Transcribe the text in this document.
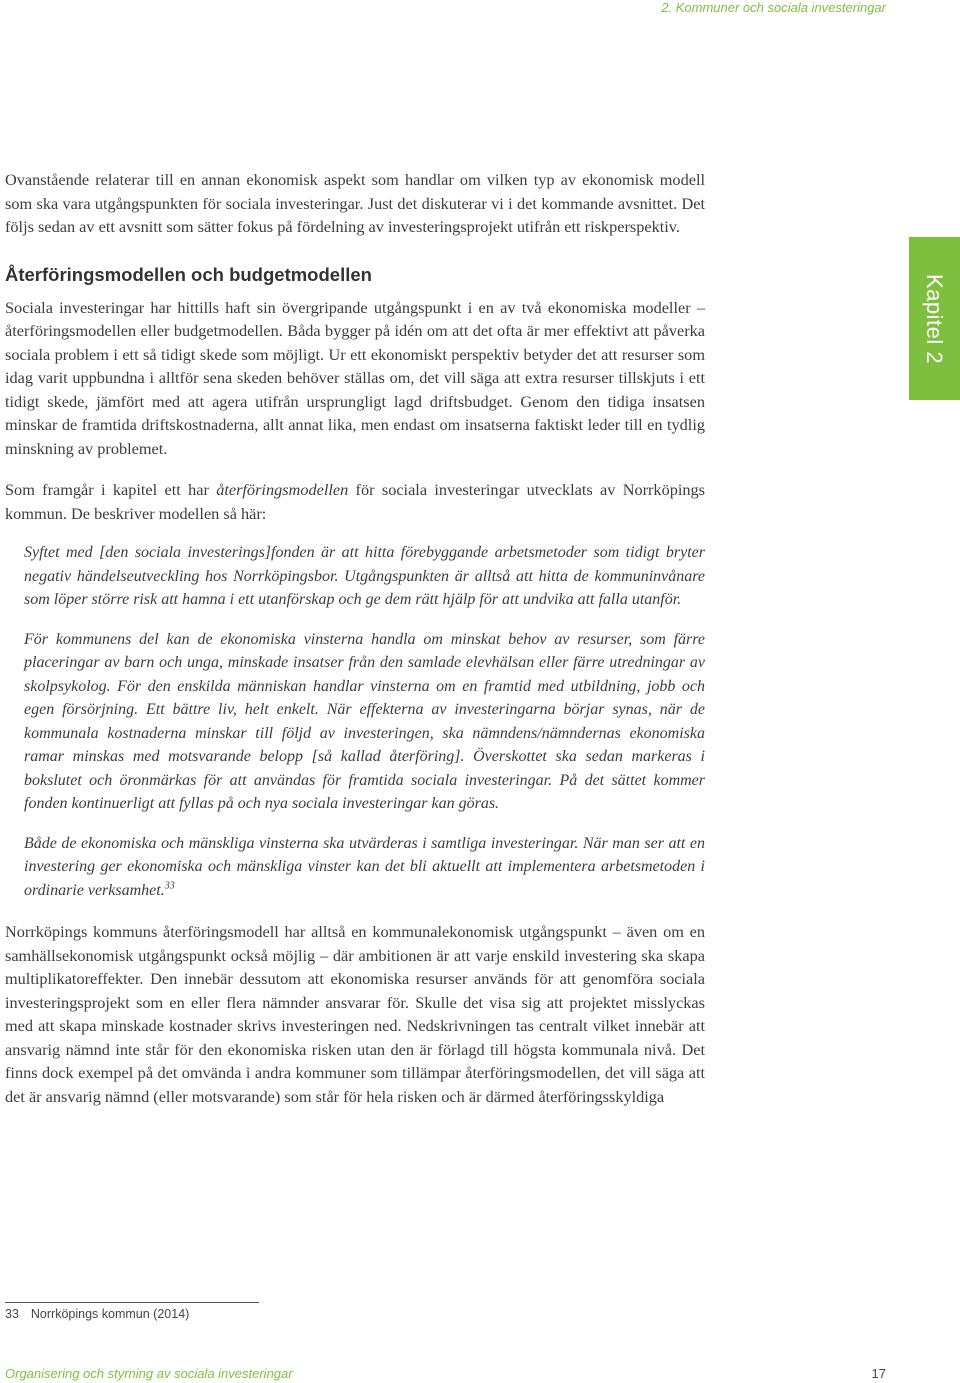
2. Kommuner och sociala investeringar
Kapitel 2

Ovanstående relaterar till en annan ekonomisk aspekt som handlar om vilken typ av ekonomisk modell som ska vara utgångspunkten för sociala investeringar. Just det diskuterar vi i det kommande avsnittet. Det följs sedan av ett avsnitt som sätter fokus på fördelning av investeringsprojekt utifrån ett riskperspektiv.

Återföringsmodellen och budgetmodellen

Sociala investeringar har hittills haft sin övergripande utgångspunkt i en av två ekonomiska modeller – återföringsmodellen eller budgetmodellen. Båda bygger på idén om att det ofta är mer effektivt att påverka sociala problem i ett så tidigt skede som möjligt. Ur ett ekonomiskt perspektiv betyder det att resurser som idag varit uppbundna i alltför sena skeden behöver ställas om, det vill säga att extra resurser tillskjuts i ett tidigt skede, jämfört med att agera utifrån ursprungligt lagd driftsbudget. Genom den tidiga insatsen minskar de framtida driftskostnaderna, allt annat lika, men endast om insatserna faktiskt leder till en tydlig minskning av problemet.

Som framgår i kapitel ett har återföringsmodellen för sociala investeringar utvecklats av Norrköpings kommun. De beskriver modellen så här:

Syftet med [den sociala investerings]fonden är att hitta förebyggande arbetsmetoder som tidigt bryter negativ händelseutveckling hos Norrköpingsbor. Utgångspunkten är alltså att hitta de kommuninvånare som löper större risk att hamna i ett utanförskap och ge dem rätt hjälp för att undvika att falla utanför.

För kommunens del kan de ekonomiska vinsterna handla om minskat behov av resurser, som färre placeringar av barn och unga, minskade insatser från den samlade elevhälsan eller färre utredningar av skolpsykolog. För den enskilda människan handlar vinsterna om en framtid med utbildning, jobb och egen försörjning. Ett bättre liv, helt enkelt. När effekterna av investeringarna börjar synas, när de kommunala kostnaderna minskar till följd av investeringen, ska nämndens/nämndernas ekonomiska ramar minskas med motsvarande belopp [så kallad återföring]. Överskottet ska sedan markeras i bokslutet och öronmärkas för att användas för framtida sociala investeringar. På det sättet kommer fonden kontinuerligt att fyllas på och nya sociala investeringar kan göras.

Både de ekonomiska och mänskliga vinsterna ska utvärderas i samtliga investeringar. När man ser att en investering ger ekonomiska och mänskliga vinster kan det bli aktuellt att implementera arbetsmetoden i ordinarie verksamhet.$^{33}$

Norrköpings kommuns återföringsmodell har alltså en kommunalekonomisk utgångspunkt – även om en samhällsekonomisk utgångspunkt också möjlig – där ambitionen är att varje enskild investering ska skapa multiplikatoreffekter. Den innebär dessutom att ekonomiska resurser används för att genomföra sociala investeringsprojekt som en eller flera nämnder ansvarar för. Skulle det visa sig att projektet misslyckas med att skapa minskade kostnader skrivs investeringen ned. Nedskrivningen tas centralt vilket innebär att ansvarig nämnd inte står för den ekonomiska risken utan den är förlagd till högsta kommunala nivå. Det finns dock exempel på det omvända i andra kommuner som tillämpar återföringsmodellen, det vill säga att det är ansvarig nämnd (eller motsvarande) som står för hela risken och är därmed återföringsskyldiga

33 Norrköpings kommun (2014)
Organisering och styrning av sociala investeringar	17
